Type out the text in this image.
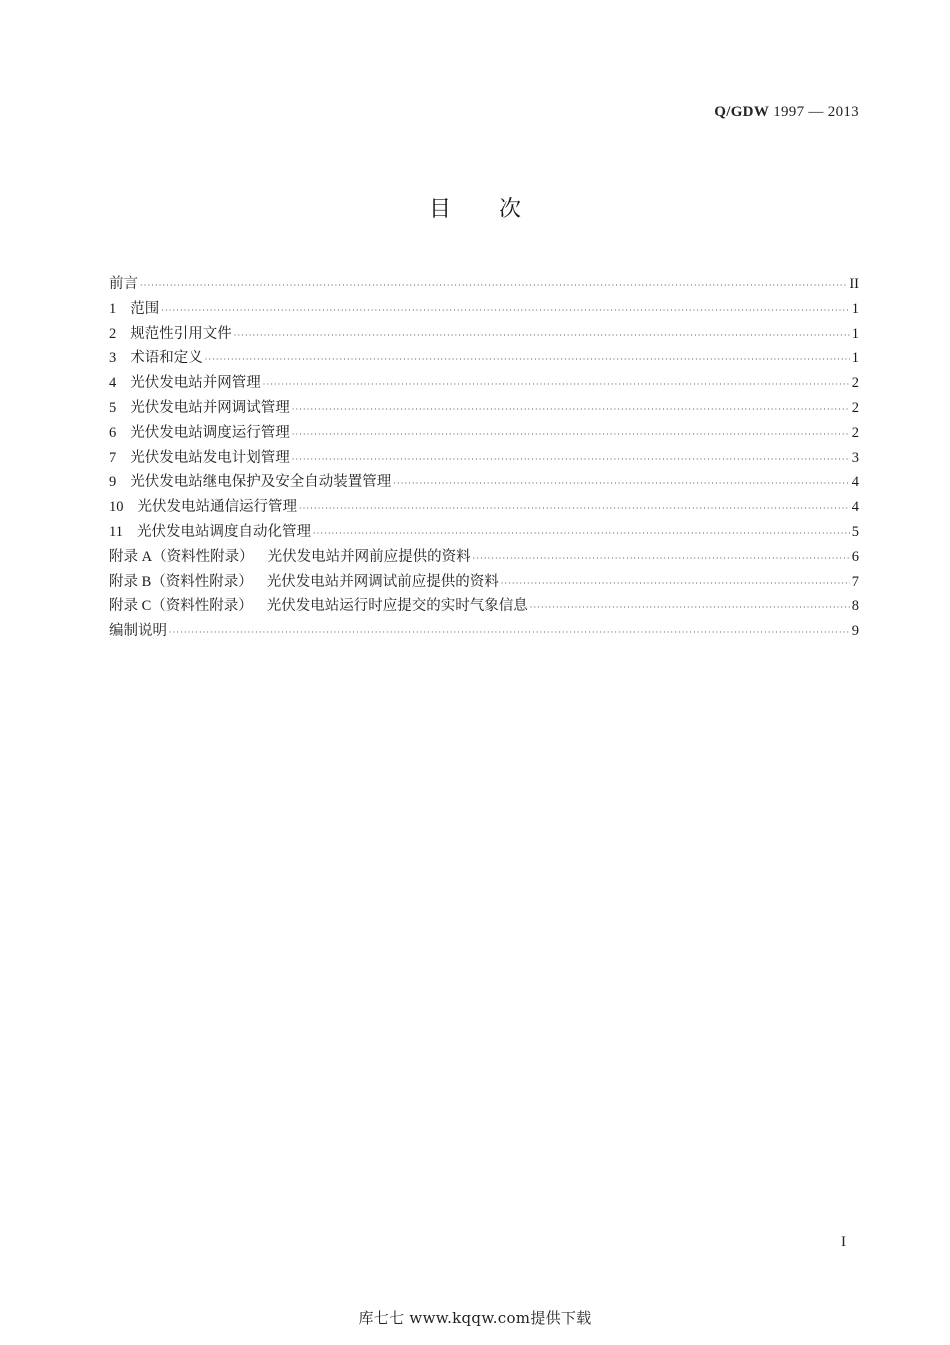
Q/GDW 1997 — 2013
目次
前言 ·····	II
1 范围 ·····	1
2 规范性引用文件 ·····	1
3 术语和定义 ·····	1
4 光伏发电站并网管理 ·····	2
5 光伏发电站并网调试管理 ·····	2
6 光伏发电站调度运行管理 ·····	2
7 光伏发电站发电计划管理 ·····	3
9 光伏发电站继电保护及安全自动装置管理 ·····	4
10 光伏发电站通信运行管理 ·····	4
11 光伏发电站调度自动化管理 ·····	5
附录 A（资料性附录） 光伏发电站并网前应提供的资料 ·····	6
附录 B（资料性附录） 光伏发电站并网调试前应提供的资料 ·····	7
附录 C（资料性附录） 光伏发电站运行时应提交的实时气象信息 ·····	8
编制说明 ·····	9
I
库七七 www.kqqw.com提供下载
